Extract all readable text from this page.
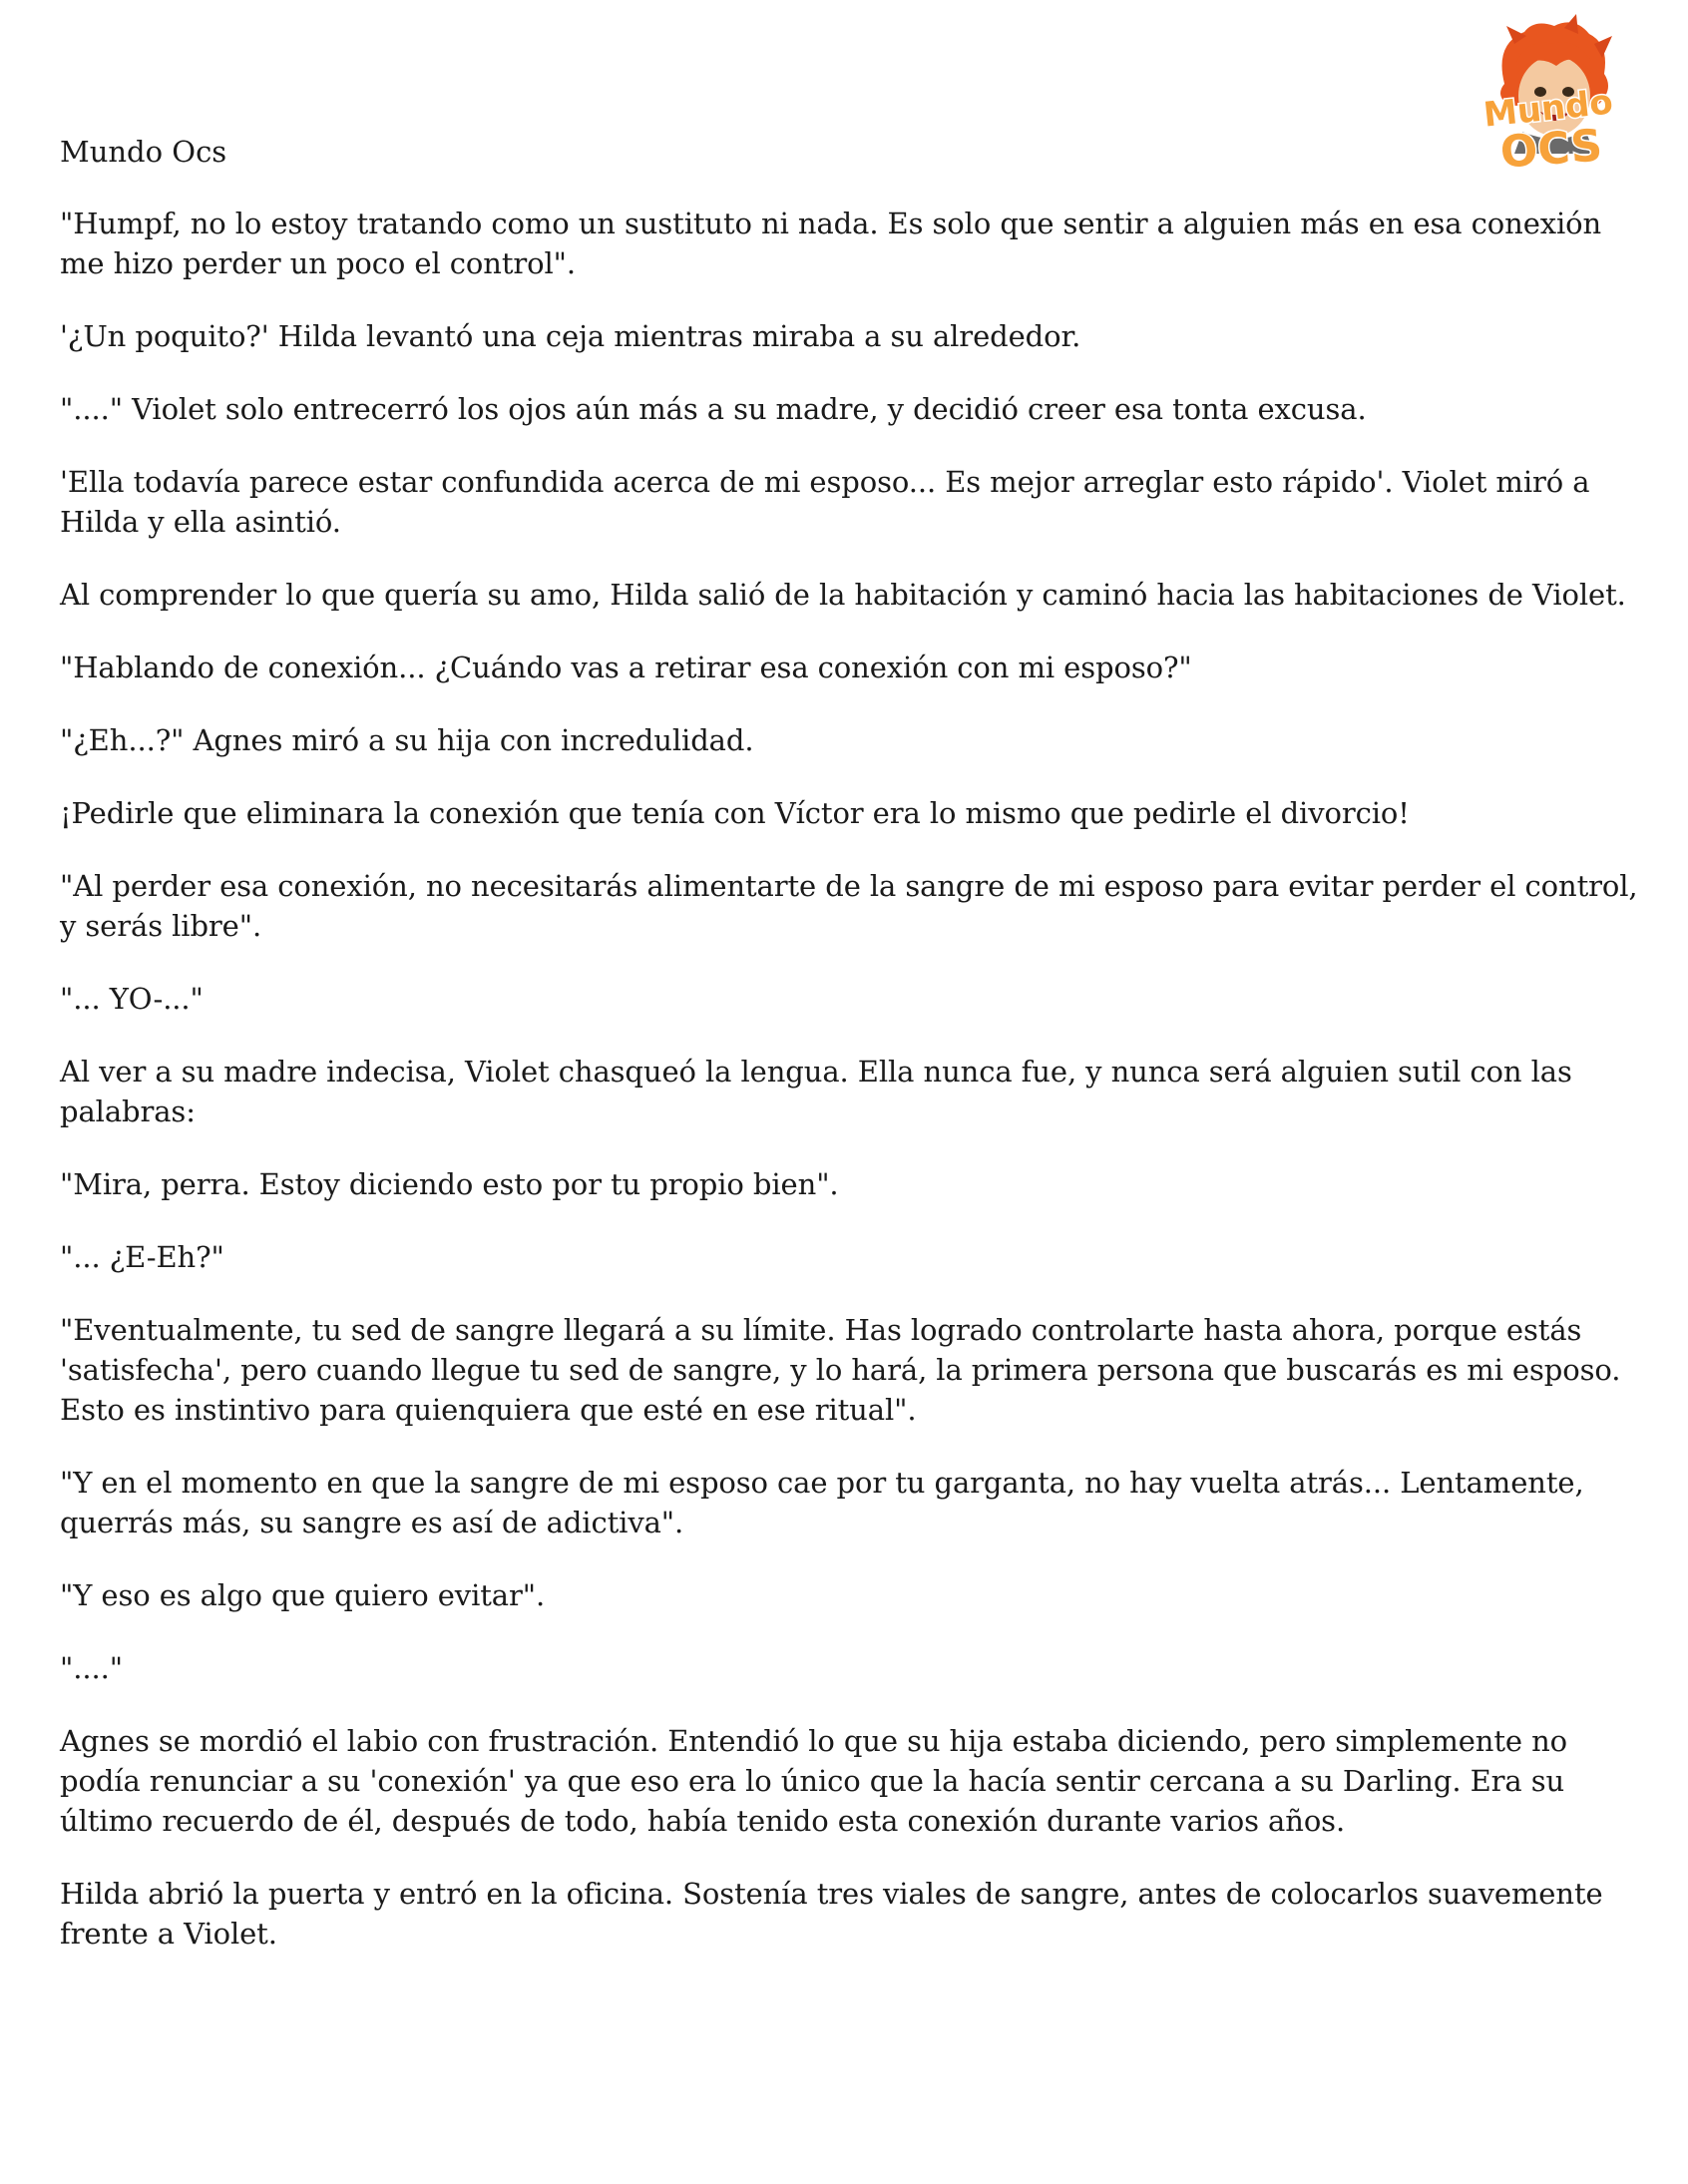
Mundo
OCS

Mundo Ocs

"Humpf, no lo estoy tratando como un sustituto ni nada. Es solo que sentir a alguien más en esa conexión me hizo perder un poco el control".

'¿Un poquito?' Hilda levantó una ceja mientras miraba a su alrededor.

"...." Violet solo entrecerró los ojos aún más a su madre, y decidió creer esa tonta excusa.

'Ella todavía parece estar confundida acerca de mi esposo... Es mejor arreglar esto rápido'. Violet miró a Hilda y ella asintió.

Al comprender lo que quería su amo, Hilda salió de la habitación y caminó hacia las habitaciones de Violet.

"Hablando de conexión... ¿Cuándo vas a retirar esa conexión con mi esposo?"

"¿Eh...?" Agnes miró a su hija con incredulidad.

¡Pedirle que eliminara la conexión que tenía con Víctor era lo mismo que pedirle el divorcio!

"Al perder esa conexión, no necesitarás alimentarte de la sangre de mi esposo para evitar perder el control, y serás libre".

"... YO-..."

Al ver a su madre indecisa, Violet chasqueó la lengua. Ella nunca fue, y nunca será alguien sutil con las palabras:

"Mira, perra. Estoy diciendo esto por tu propio bien".

"... ¿E-Eh?"

"Eventualmente, tu sed de sangre llegará a su límite. Has logrado controlarte hasta ahora, porque estás 'satisfecha', pero cuando llegue tu sed de sangre, y lo hará, la primera persona que buscarás es mi esposo. Esto es instintivo para quienquiera que esté en ese ritual".

"Y en el momento en que la sangre de mi esposo cae por tu garganta, no hay vuelta atrás... Lentamente, querrás más, su sangre es así de adictiva".

"Y eso es algo que quiero evitar".

"...."

Agnes se mordió el labio con frustración. Entendió lo que su hija estaba diciendo, pero simplemente no podía renunciar a su 'conexión' ya que eso era lo único que la hacía sentir cercana a su Darling. Era su último recuerdo de él, después de todo, había tenido esta conexión durante varios años.

Hilda abrió la puerta y entró en la oficina. Sostenía tres viales de sangre, antes de colocarlos suavemente frente a Violet.
